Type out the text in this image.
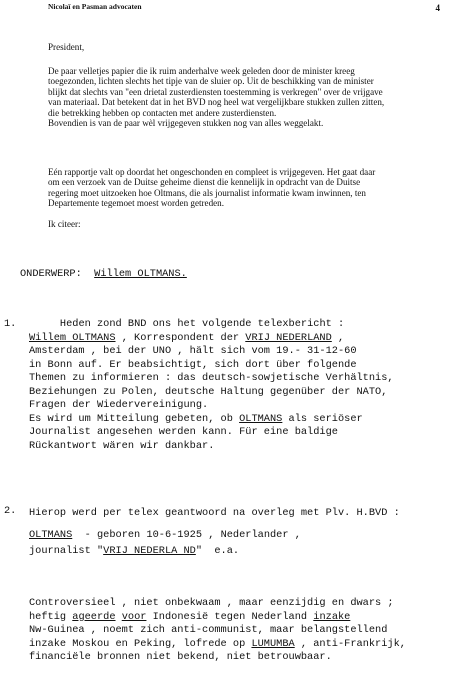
Nicolaï en Pasman advocaten	4

President,

De paar velletjes papier die ik ruim anderhalve week geleden door de minister kreeg

toegezonden, lichten slechts het tipje van de sluier op. Uit de beschikking van de minister

blijkt dat slechts van "een drietal zusterdiensten toestemming is verkregen" over de vrijgave

van materiaal. Dat betekent dat in het BVD nog heel wat vergelijkbare stukken zullen zitten,

die betrekking hebben op contacten met andere zusterdiensten.

Bovendien is van de paar wèl vrijgegeven stukken nog van alles weggelakt.

Eén rapportje valt op doordat het ongeschonden en compleet is vrijgegeven. Het gaat daar

om een verzoek van de Duitse geheime dienst die kennelijk in opdracht van de Duitse

regering moet uitzoeken hoe Oltmans, die als journalist informatie kwam inwinnen, ten

Departemente tegemoet moest worden getreden.

Ik citeer:

ONDERWERP: Willem OLTMANS.
1.	Heden zond BND ons het volgende telexbericht :
Willem OLTMANS , Korrespondent der VRIJ NEDERLAND ,
Amsterdam , bei der UNO , hält sich vom 19.- 31-12-60
in Bonn auf. Er beabsichtigt, sich dort über folgende
Themen zu informieren : das deutsch-sowjetische Verhältnis,
Beziehungen zu Polen, deutsche Haltung gegenüber der NATO,
Fragen der Wiedervereinigung.
Es wird um Mitteilung gebeten, ob OLTMANS als seriöser
Journalist angesehen werden kann. Für eine baldige
Rückantwort wären wir dankbar.
2. Hierop werd per telex geantwoord na overleg met Plv. H.BVD :
OLTMANS  - geboren 10-6-1925 , Nederlander ,
journalist "VRIJ NEDERLA ND"  e.a.
Controversieel , niet onbekwaam , maar eenzijdig en dwars ;
heftig ageerde voor Indonesië tegen Nederland inzake
Nw-Guinea , noemt zich anti-communist, maar belangstellend
inzake Moskou en Peking, lofrede op LUMUMBA , anti-Frankrijk,
financiële bronnen niet bekend, niet betrouwbaar.
